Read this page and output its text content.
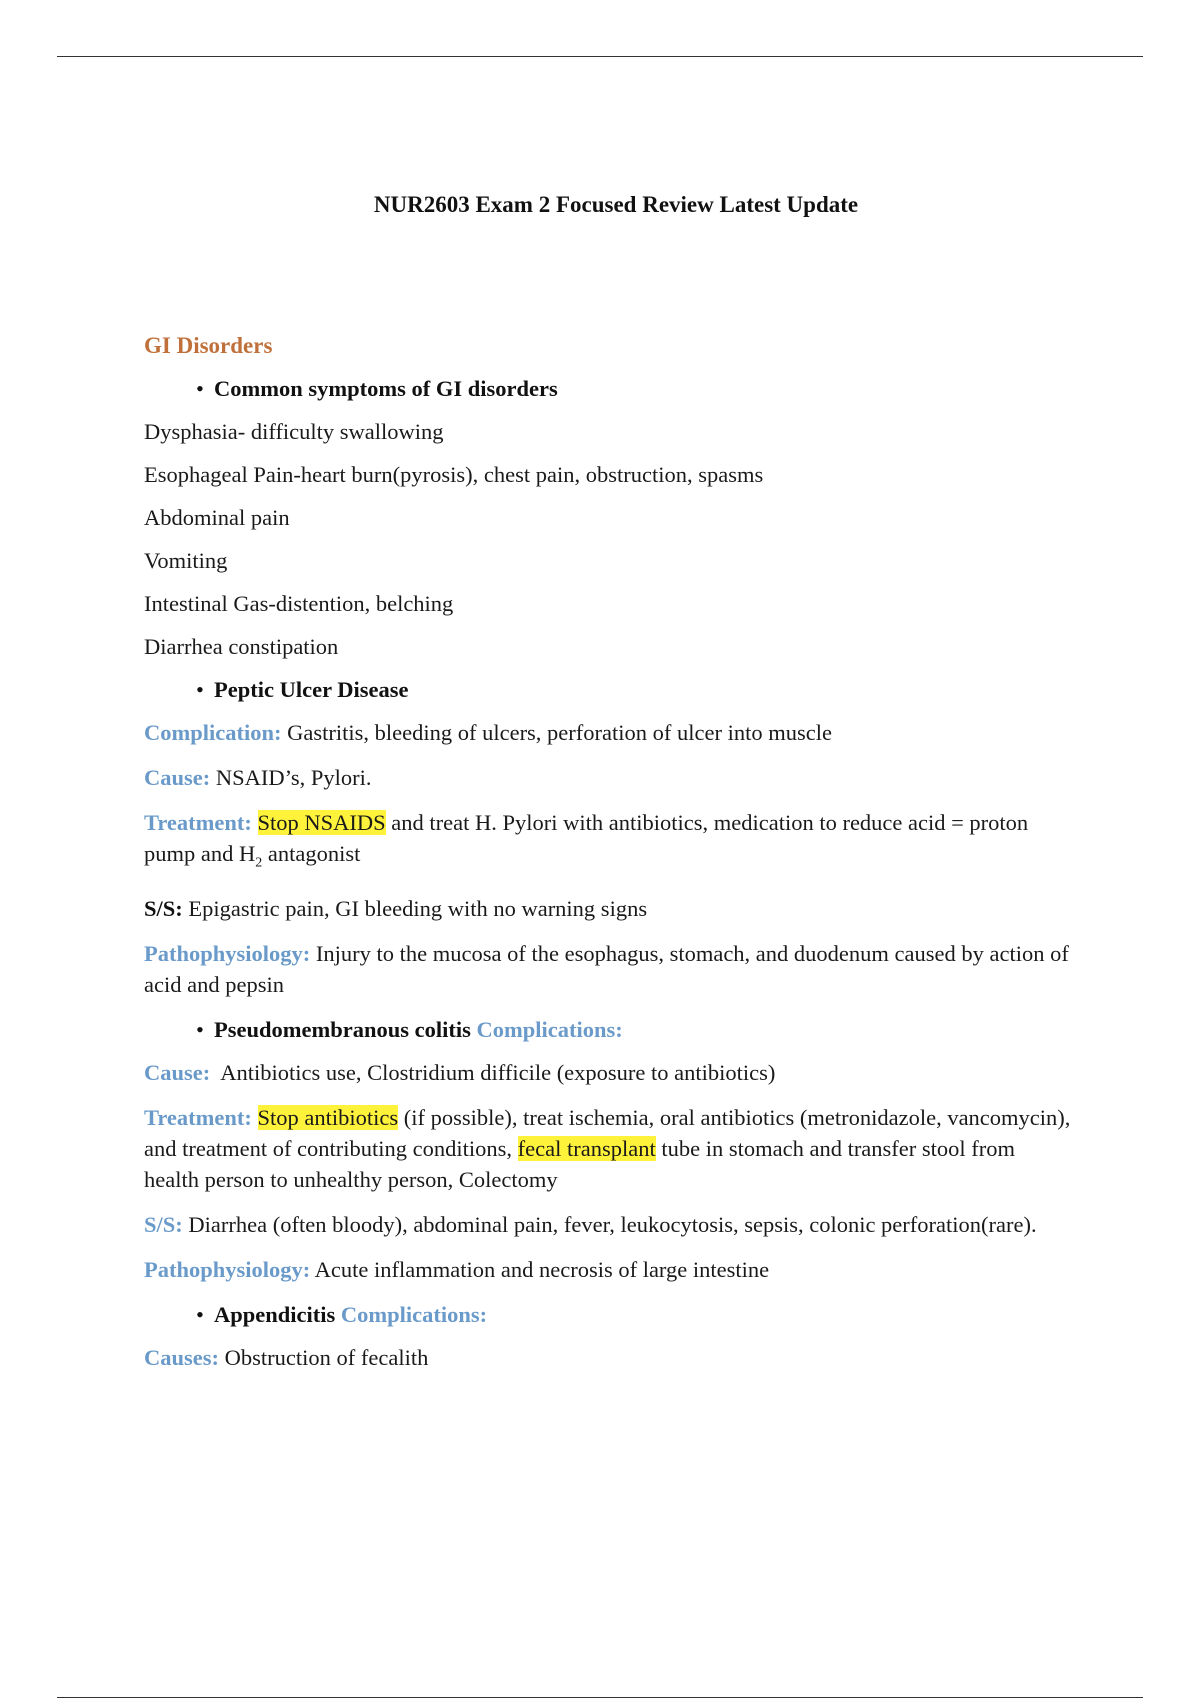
NUR2603 Exam 2 Focused Review Latest Update
GI Disorders
• Common symptoms of GI disorders
Dysphasia- difficulty swallowing
Esophageal Pain-heart burn(pyrosis), chest pain, obstruction, spasms
Abdominal pain
Vomiting
Intestinal Gas-distention, belching
Diarrhea constipation
• Peptic Ulcer Disease
Complication: Gastritis, bleeding of ulcers, perforation of ulcer into muscle
Cause: NSAID’s, Pylori.
Treatment: Stop NSAIDS and treat H. Pylori with antibiotics, medication to reduce acid = proton pump and $H_2$ antagonist
S/S: Epigastric pain, GI bleeding with no warning signs
Pathophysiology: Injury to the mucosa of the esophagus, stomach, and duodenum caused by action of acid and pepsin
• Pseudomembranous colitis Complications:
Cause:  Antibiotics use, Clostridium difficile (exposure to antibiotics)
Treatment: Stop antibiotics (if possible), treat ischemia, oral antibiotics (metronidazole, vancomycin), and treatment of contributing conditions, fecal transplant tube in stomach and transfer stool from health person to unhealthy person, Colectomy
S/S: Diarrhea (often bloody), abdominal pain, fever, leukocytosis, sepsis, colonic perforation(rare).
Pathophysiology: Acute inflammation and necrosis of large intestine
• Appendicitis Complications:
Causes: Obstruction of fecalith
